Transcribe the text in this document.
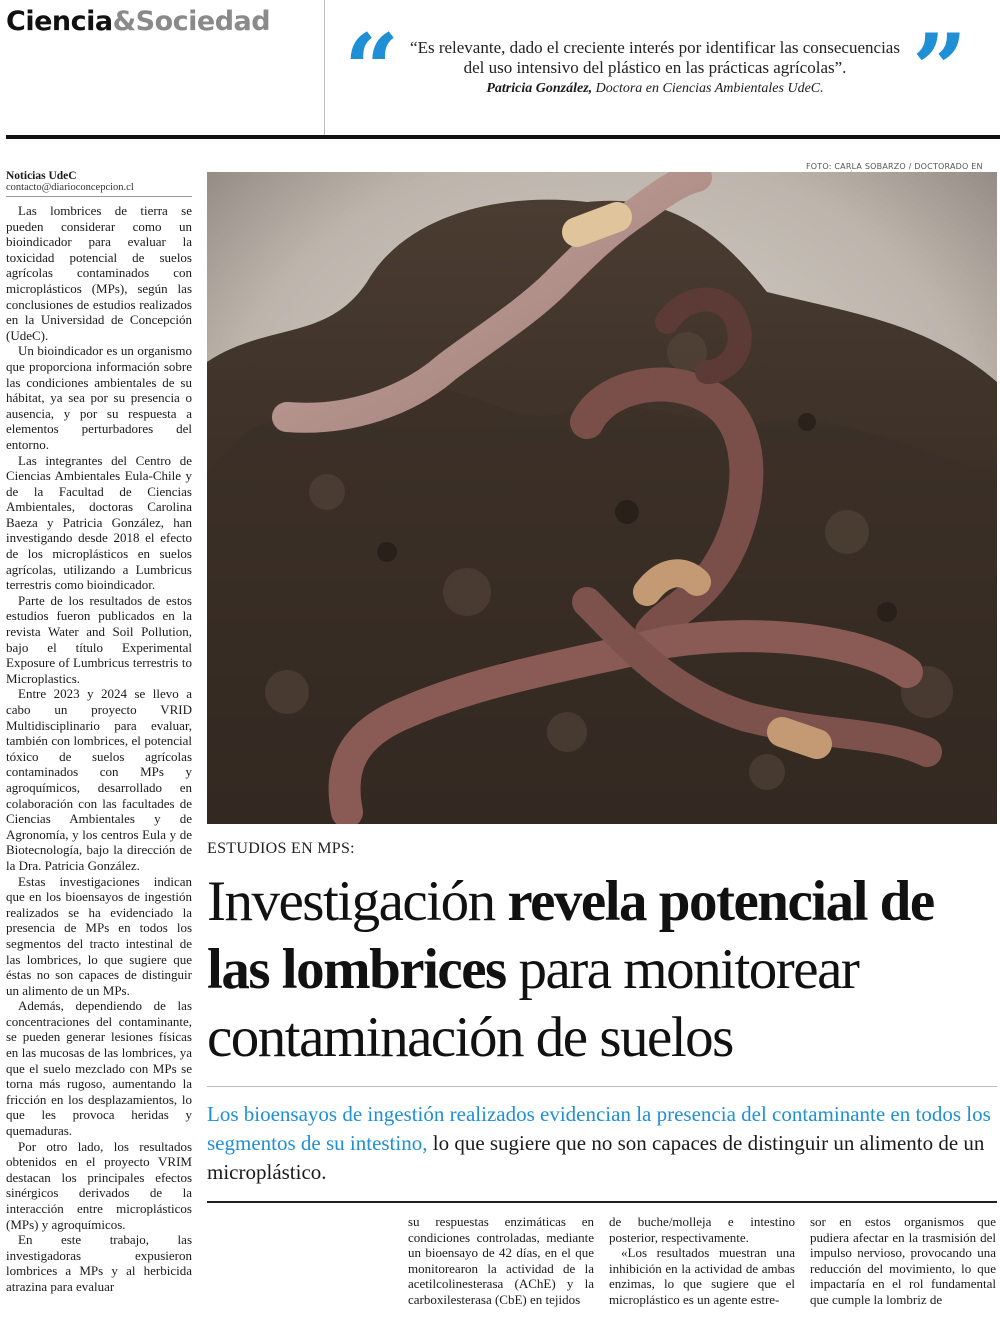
Ciencia&Sociedad “	”
“Es relevante, dado el creciente interés por identificar las consecuencias del uso intensivo del plástico en las prácticas agrícolas”.
Patricia González, Doctora en Ciencias Ambientales UdeC.
Noticias UdeC
contacto@diarioconcepcion.cl

Las lombrices de tierra se pueden considerar como un bioindicador para evaluar la toxicidad potencial de suelos agrícolas contaminados con microplásticos (MPs), según las conclusiones de estudios realizados en la Universidad de Concepción (UdeC).

Un bioindicador es un organismo que proporciona información sobre las condiciones ambientales de su hábitat, ya sea por su presencia o ausencia, y por su respuesta a elementos perturbadores del entorno.

Las integrantes del Centro de Ciencias Ambientales Eula-Chile y de la Facultad de Ciencias Ambientales, doctoras Carolina Baeza y Patricia González, han investigando desde 2018 el efecto de los microplásticos en suelos agrícolas, utilizando a Lumbricus terrestris como bioindicador.

Parte de los resultados de estos estudios fueron publicados en la revista Water and Soil Pollution, bajo el título Experimental Exposure of Lumbricus terrestris to Microplastics.

Entre 2023 y 2024 se llevo a cabo un proyecto VRID Multidisciplinario para evaluar, también con lombrices, el potencial tóxico de suelos agrícolas contaminados con MPs y agroquímicos, desarrollado en colaboración con las facultades de Ciencias Ambientales y de Agronomía, y los centros Eula y de Biotecnología, bajo la dirección de la Dra. Patricia González.

Estas investigaciones indican que en los bioensayos de ingestión realizados se ha evidenciado la presencia de MPs en todos los segmentos del tracto intestinal de las lombrices, lo que sugiere que éstas no son capaces de distinguir un alimento de un MPs.

Además, dependiendo de las concentraciones del contaminante, se pueden generar lesiones físicas en las mucosas de las lombrices, ya que el suelo mezclado con MPs se torna más rugoso, aumentando la fricción en los desplazamientos, lo que les provoca heridas y quemaduras.

Por otro lado, los resultados obtenidos en el proyecto VRIM destacan los principales efectos sinérgicos derivados de la interacción entre microplásticos (MPs) y agroquímicos.

En este trabajo, las investigadoras expusieron lombrices a MPs y al herbicida atrazina para evaluar

FOTO: CARLA SOBARZO / DOCTORADO EN
ESTUDIOS EN MPS:
Investigación revela potencial de las lombrices para monitorear contaminación de suelos
Los bioensayos de ingestión realizados evidencian la presencia del contaminante en todos los segmentos de su intestino, lo que sugiere que no son capaces de distinguir un alimento de un microplástico.

su respuestas enzimáticas en condiciones controladas, mediante un bioensayo de 42 días, en el que monitorearon la actividad de la acetilcolinesterasa (AChE) y la carboxilesterasa (CbE) en tejidos

de buche/molleja e intestino posterior, respectivamente.

«Los resultados muestran una inhibición en la actividad de ambas enzimas, lo que sugiere que el microplástico es un agente estre-

sor en estos organismos que pudiera afectar en la trasmisión del impulso nervioso, provocando una reducción del movimiento, lo que impactaría en el rol fundamental que cumple la lombriz de
